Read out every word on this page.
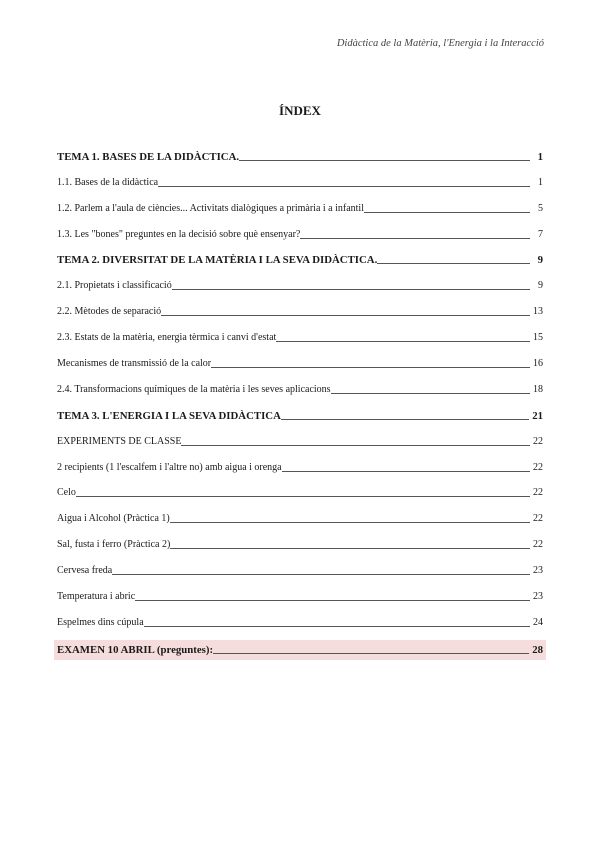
Didàctica de la Matèria, l'Energia i la Interacció
ÍNDEX
TEMA 1. BASES DE LA DIDÀCTICA.	1
1.1. Bases de la didàctica	1
1.2. Parlem a l'aula de ciències... Activitats dialògiques a primària i a infantil	5
1.3. Les "bones" preguntes en la decisió sobre què ensenyar?	7
TEMA 2. DIVERSITAT DE LA MATÈRIA I LA SEVA DIDÀCTICA.	9
2.1. Propietats i classificació	9
2.2. Mètodes de separació	13
2.3. Estats de la matèria, energia tèrmica i canvi d'estat	15
Mecanismes de transmissió de la calor	16
2.4. Transformacions químiques de la matèria i les seves aplicacions	18
TEMA 3. L'ENERGIA I LA SEVA DIDÀCTICA	21
EXPERIMENTS DE CLASSE	22
2 recipients (1 l'escalfem i l'altre no) amb aigua i orenga	22
Celo	22
Aigua i Alcohol (Pràctica 1)	22
Sal, fusta i ferro (Pràctica 2)	22
Cervesa freda	23
Temperatura i abric	23
Espelmes dins cúpula	24
EXAMEN 10 ABRIL (preguntes):	28
